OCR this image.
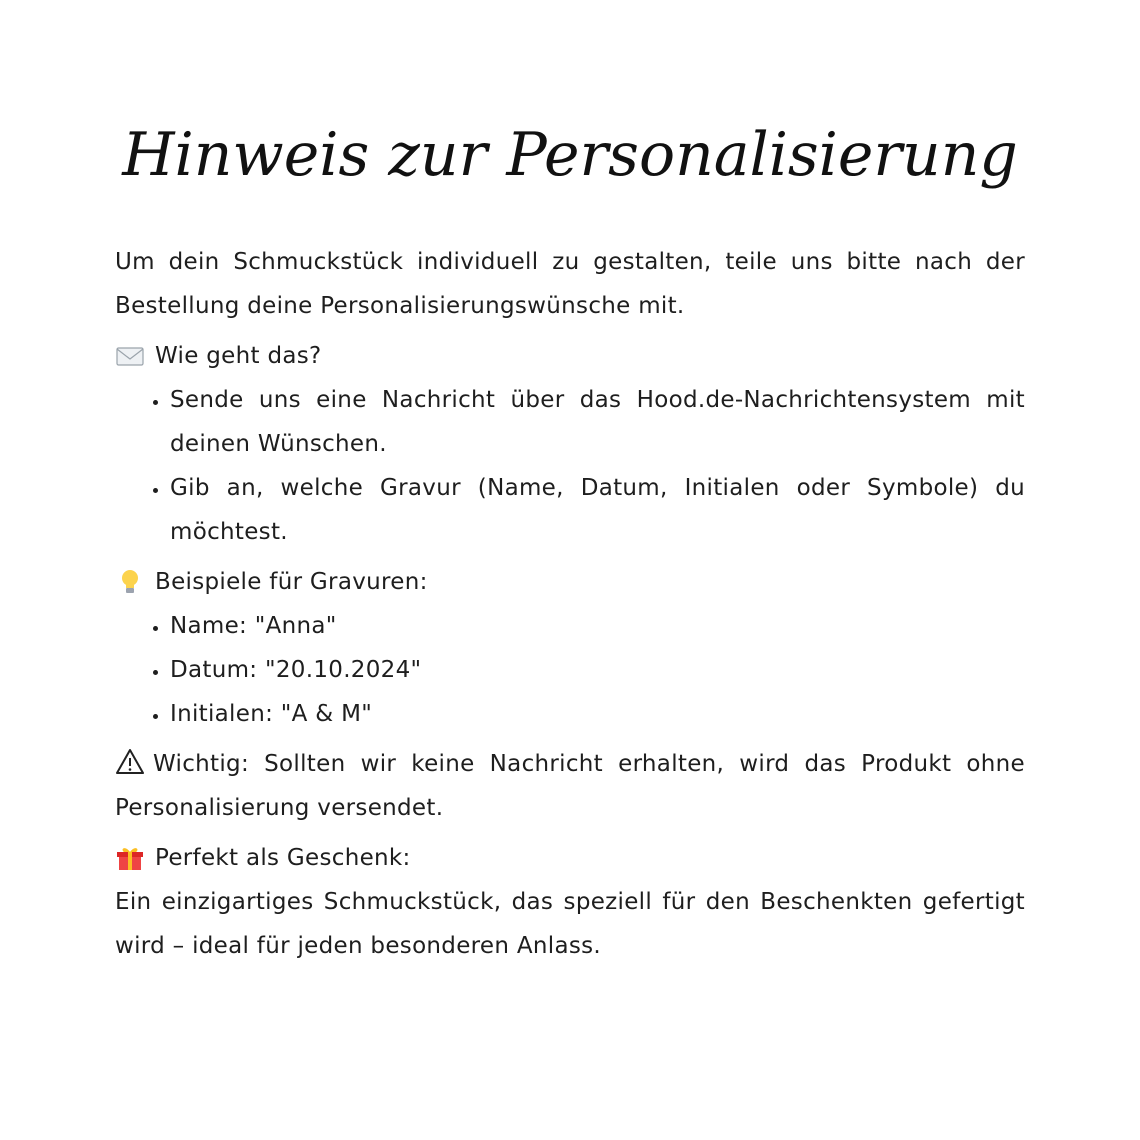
Hinweis zur Personalisierung

Um dein Schmuckstück individuell zu gestalten, teile uns bitte nach der Bestellung deine Personalisierungswünsche mit.

Wie geht das?
• Sende uns eine Nachricht über das Hood.de-Nachrichtensystem mit deinen Wünschen.
• Gib an, welche Gravur (Name, Datum, Initialen oder Symbole) du möchtest.
Beispiele für Gravuren:
• Name: "Anna"
• Datum: "20.10.2024"
• Initialen: "A & M"

Wichtig: Sollten wir keine Nachricht erhalten, wird das Produkt ohne Personalisierung versendet.

Perfekt als Geschenk:

Ein einzigartiges Schmuckstück, das speziell für den Beschenkten gefertigt wird – ideal für jeden besonderen Anlass.
